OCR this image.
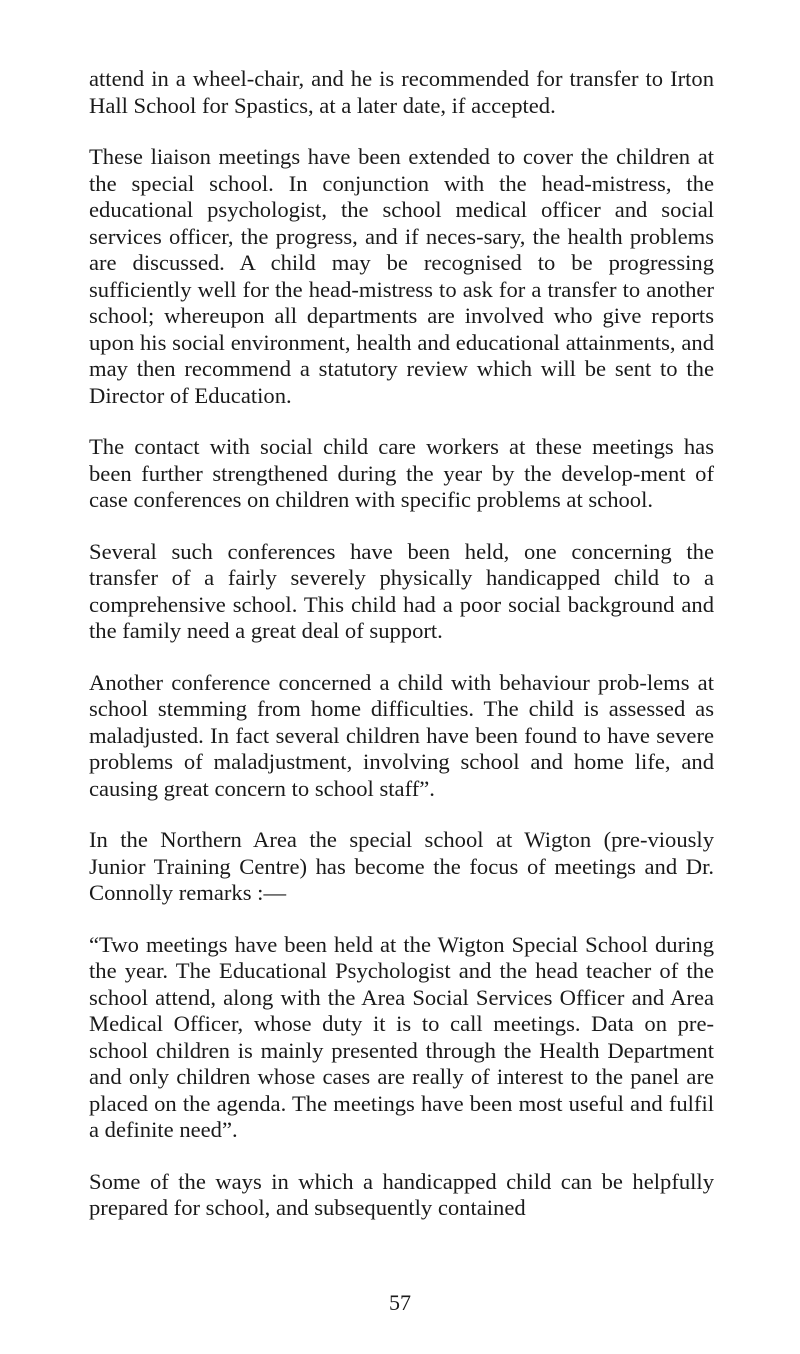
attend in a wheel-chair, and he is recommended for transfer to Irton Hall School for Spastics, at a later date, if accepted.

These liaison meetings have been extended to cover the children at the special school. In conjunction with the head-mistress, the educational psychologist, the school medical officer and social services officer, the progress, and if neces-sary, the health problems are discussed. A child may be recognised to be progressing sufficiently well for the head-mistress to ask for a transfer to another school; whereupon all departments are involved who give reports upon his social environment, health and educational attainments, and may then recommend a statutory review which will be sent to the Director of Education.

The contact with social child care workers at these meetings has been further strengthened during the year by the develop-ment of case conferences on children with specific problems at school.

Several such conferences have been held, one concerning the transfer of a fairly severely physically handicapped child to a comprehensive school. This child had a poor social background and the family need a great deal of support.

Another conference concerned a child with behaviour prob-lems at school stemming from home difficulties. The child is assessed as maladjusted. In fact several children have been found to have severe problems of maladjustment, involving school and home life, and causing great concern to school staff”.

In the Northern Area the special school at Wigton (pre-viously Junior Training Centre) has become the focus of meetings and Dr. Connolly remarks :—

“Two meetings have been held at the Wigton Special School during the year. The Educational Psychologist and the head teacher of the school attend, along with the Area Social Services Officer and Area Medical Officer, whose duty it is to call meetings. Data on pre-school children is mainly presented through the Health Department and only children whose cases are really of interest to the panel are placed on the agenda. The meetings have been most useful and fulfil a definite need”.

Some of the ways in which a handicapped child can be helpfully prepared for school, and subsequently contained

57
